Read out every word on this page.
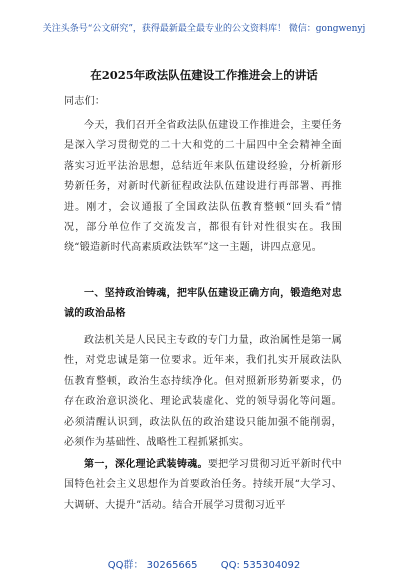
关注头条号“公文研究”，获得最新最全最专业的公文资料库！ 微信：gongwenyj
在2025年政法队伍建设工作推进会上的讲话
同志们：
今天，我们召开全省政法队伍建设工作推进会，主要任务是深入学习贯彻党的二十大和党的二十届四中全会精神全面落实习近平法治思想，总结近年来队伍建设经验，分析新形势新任务，对新时代新征程政法队伍建设进行再部署、再推进。刚才，会议通报了全国政法队伍教育整顿“回头看”情况，部分单位作了交流发言，都很有针对性很实在。我围绕“锻造新时代高素质政法铁军”这一主题，讲四点意见。
一、坚持政治铸魂，把牢队伍建设正确方向，锻造绝对忠诚的政治品格
政法机关是人民民主专政的专门力量，政治属性是第一属性，对党忠诚是第一位要求。近年来，我们扎实开展政法队伍教育整顿，政治生态持续净化。但对照新形势新要求，仍存在政治意识淡化、理论武装虚化、党的领导弱化等问题。必须清醒认识到，政法队伍的政治建设只能加强不能削弱，必须作为基础性、战略性工程抓紧抓实。
第一，深化理论武装铸魂。要把学习贯彻习近平新时代中国特色社会主义思想作为首要政治任务。持续开展“大学习、大调研、大提升”活动。结合开展学习贯彻习近平
QQ群： 30265665 QQ: 535304092
